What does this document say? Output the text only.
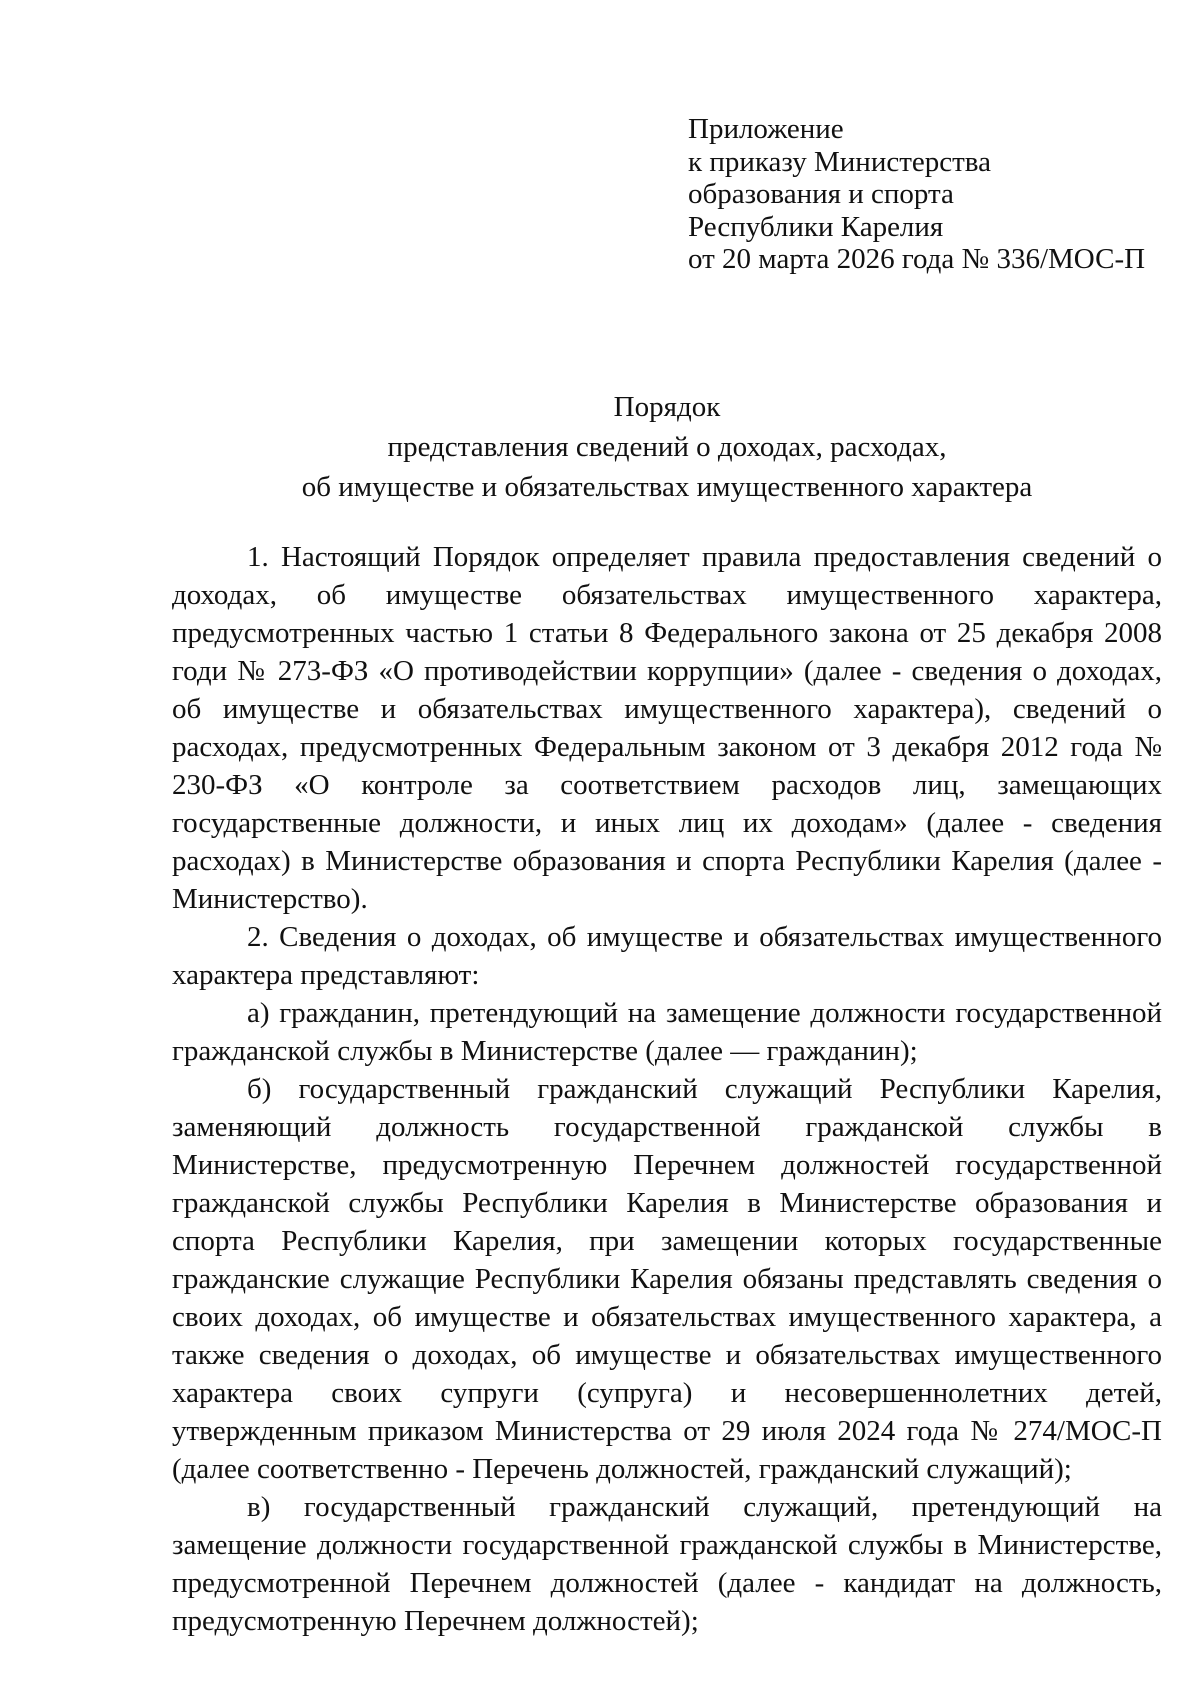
Приложение
к приказу Министерства
образования и спорта
Республики Карелия
от 20 марта 2026 года № 336/МОС-П
Порядок
представления сведений о доходах, расходах,
об имуществе и обязательствах имущественного характера

1. Настоящий Порядок определяет правила предоставления сведений о доходах, об имуществе обязательствах имущественного характера, предусмотренных частью 1 статьи 8 Федерального закона от 25 декабря 2008 годи № 273-ФЗ «О противодействии коррупции» (далее - сведения о доходах, об имуществе и обязательствах имущественного характера), сведений о расходах, предусмотренных Федеральным законом от 3 декабря 2012 года № 230-ФЗ «О контроле за соответствием расходов лиц, замещающих государственные должности, и иных лиц их доходам» (далее - сведения расходах) в Министерстве образования и спорта Республики Карелия (далее - Министерство).

2. Сведения о доходах, об имуществе и обязательствах имущественного характера представляют:

а) гражданин, претендующий на замещение должности государственной гражданской службы в Министерстве (далее — гражданин);

б) государственный гражданский служащий Республики Карелия, заменяющий должность государственной гражданской службы в Министерстве, предусмотренную Перечнем должностей государственной гражданской службы Республики Карелия в Министерстве образования и спорта Республики Карелия, при замещении которых государственные гражданские служащие Республики Карелия обязаны представлять сведения о своих доходах, об имуществе и обязательствах имущественного характера, а также сведения о доходах, об имуществе и обязательствах имущественного характера своих супруги (супруга) и несовершеннолетних детей, утвержденным приказом Министерства от 29 июля 2024 года № 274/МОС-П (далее соответственно - Перечень должностей, гражданский служащий);

в) государственный гражданский служащий, претендующий на замещение должности государственной гражданской службы в Министерстве, предусмотренной Перечнем должностей (далее - кандидат на должность, предусмотренную Перечнем должностей);
